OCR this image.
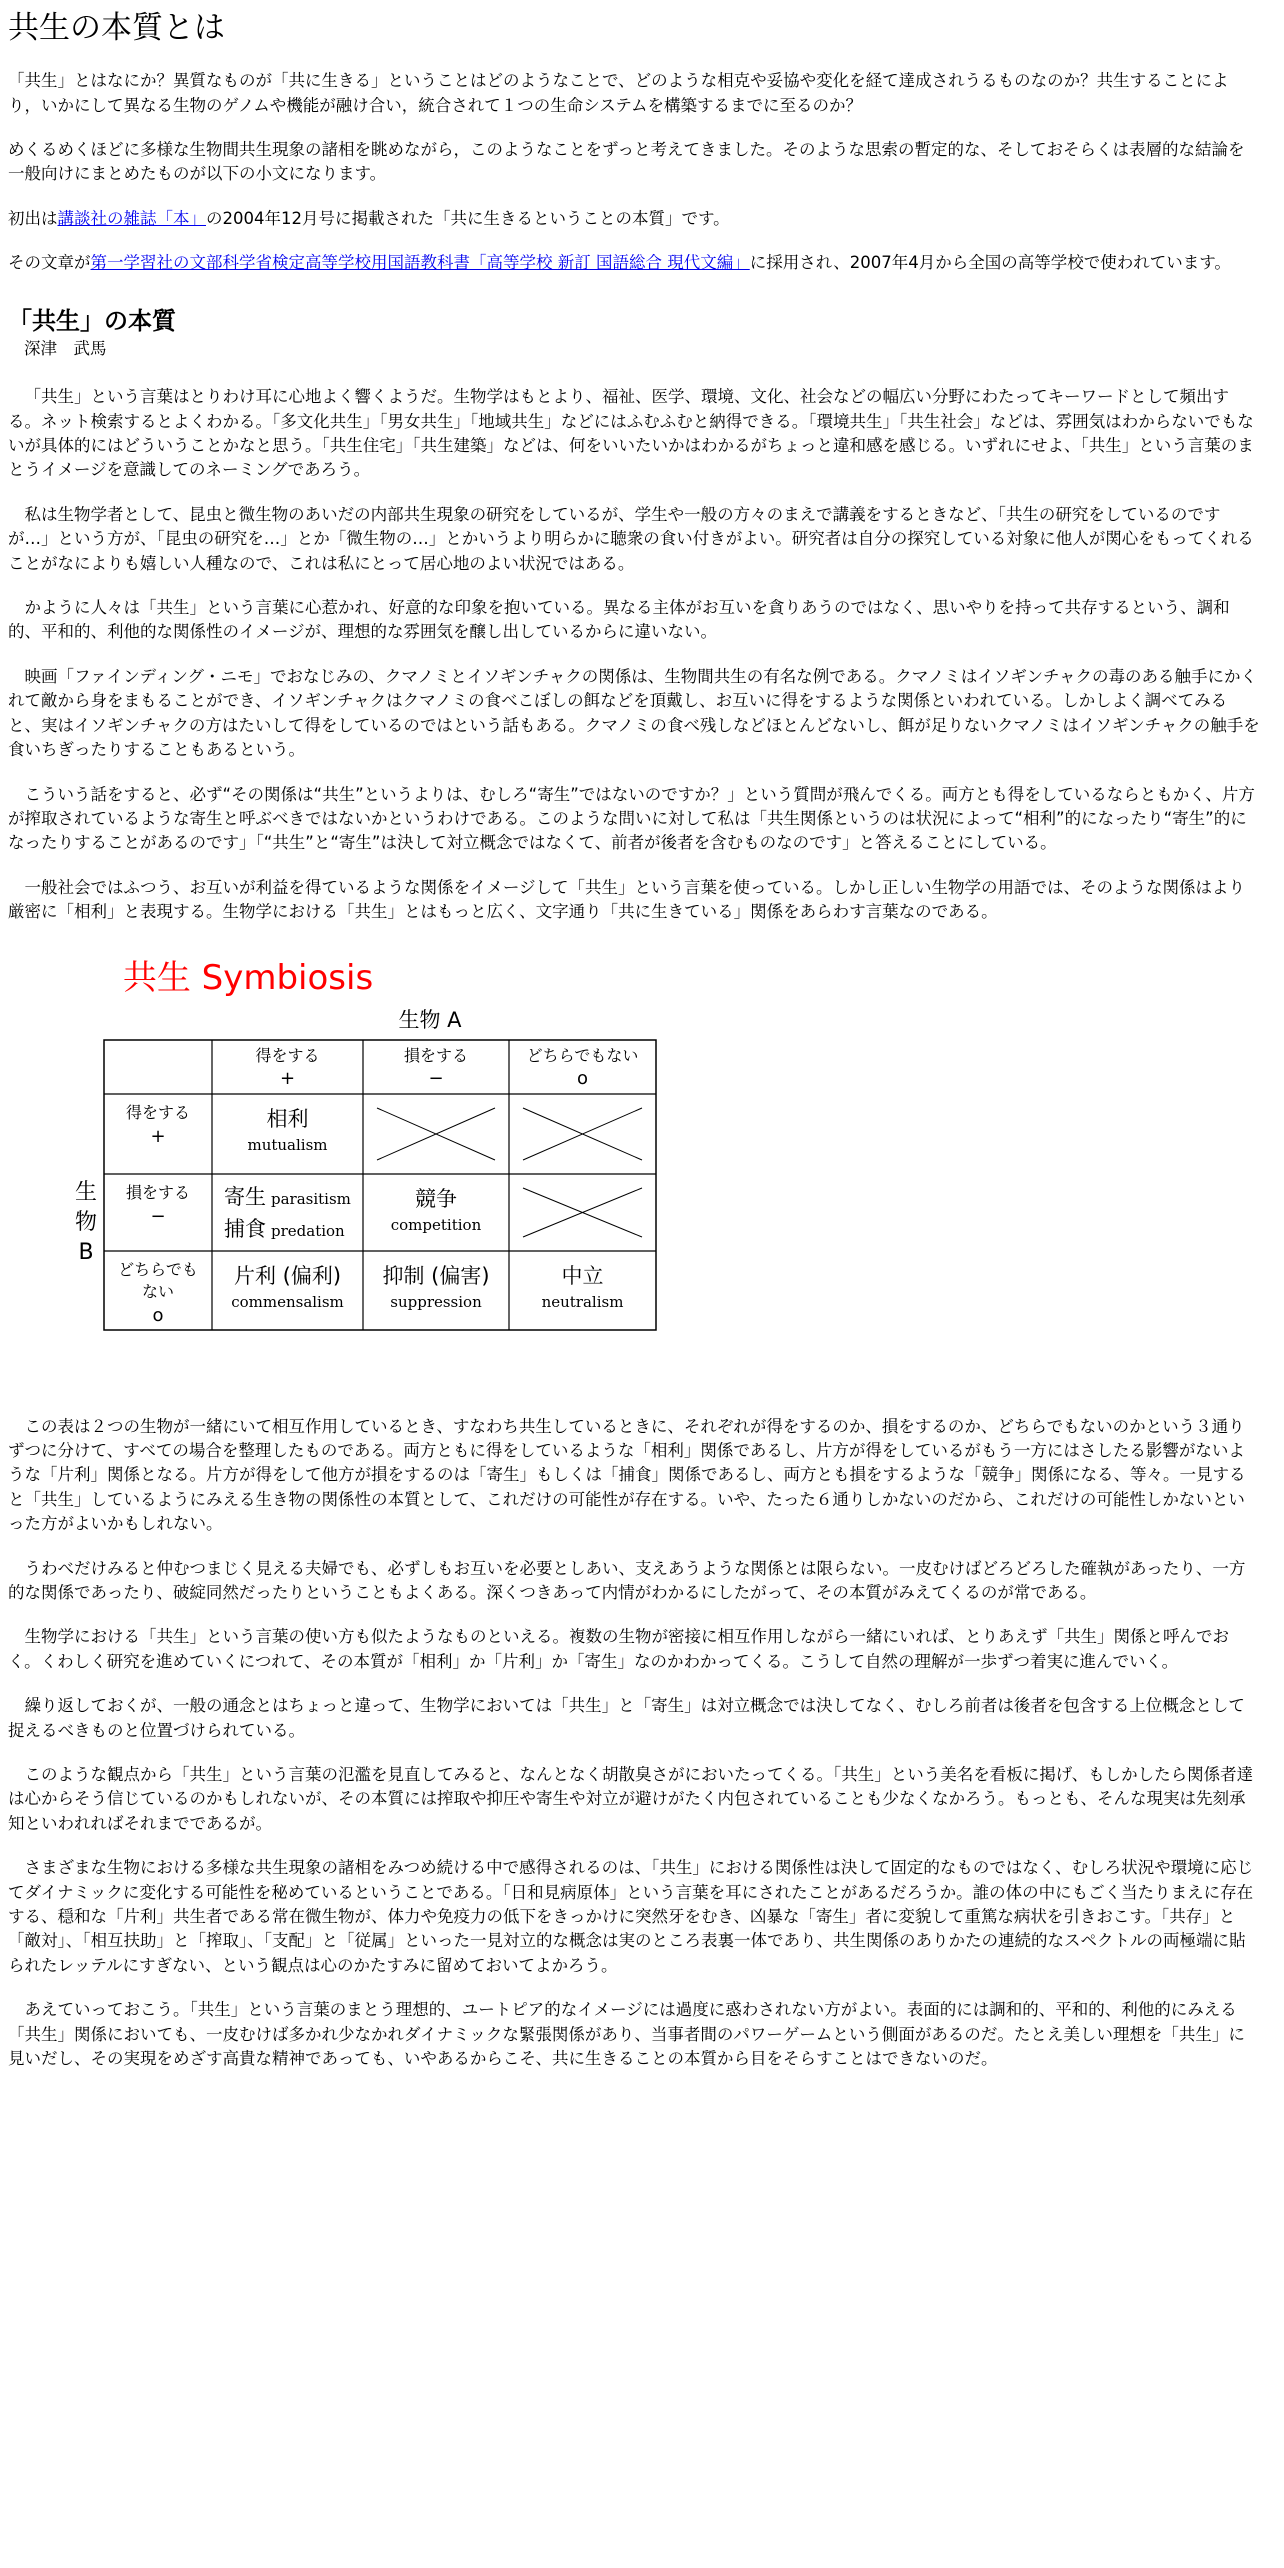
共生の本質とは

「共生」とはなにか？異質なものが「共に生きる」ということはどのようなことで、どのような相克や妥協や変化を経て達成されうるものなのか？共生することにより，いかにして異なる生物のゲノムや機能が融け合い，統合されて１つの生命システムを構築するまでに至るのか？

めくるめくほどに多様な生物間共生現象の諸相を眺めながら，このようなことをずっと考えてきました。そのような思索の暫定的な、そしておそらくは表層的な結論を一般向けにまとめたものが以下の小文になります。

初出は講談社の雑誌「本」の2004年12月号に掲載された「共に生きるということの本質」です。

その文章が第一学習社の文部科学省検定高等学校用国語教科書「高等学校 新訂 国語総合 現代文編」に採用され、2007年4月から全国の高等学校で使われています。

「共生」の本質
深津　武馬

「共生」という言葉はとりわけ耳に心地よく響くようだ。生物学はもとより、福祉、医学、環境、文化、社会などの幅広い分野にわたってキーワードとして頻出する。ネット検索するとよくわかる。「多文化共生」「男女共生」「地域共生」などにはふむふむと納得できる。「環境共生」「共生社会」などは、雰囲気はわからないでもないが具体的にはどういうことかなと思う。「共生住宅」「共生建築」などは、何をいいたいかはわかるがちょっと違和感を感じる。いずれにせよ、「共生」という言葉のまとうイメージを意識してのネーミングであろう。

私は生物学者として、昆虫と微生物のあいだの内部共生現象の研究をしているが、学生や一般の方々のまえで講義をするときなど、「共生の研究をしているのですが…」という方が、「昆虫の研究を…」とか「微生物の…」とかいうより明らかに聴衆の食い付きがよい。研究者は自分の探究している対象に他人が関心をもってくれることがなによりも嬉しい人種なので、これは私にとって居心地のよい状況ではある。

かように人々は「共生」という言葉に心惹かれ、好意的な印象を抱いている。異なる主体がお互いを貪りあうのではなく、思いやりを持って共存するという、調和的、平和的、利他的な関係性のイメージが、理想的な雰囲気を醸し出しているからに違いない。

映画「ファインディング・ニモ」でおなじみの、クマノミとイソギンチャクの関係は、生物間共生の有名な例である。クマノミはイソギンチャクの毒のある触手にかくれて敵から身をまもることができ、イソギンチャクはクマノミの食べこぼしの餌などを頂戴し、お互いに得をするような関係といわれている。しかしよく調べてみると、実はイソギンチャクの方はたいして得をしているのではという話もある。クマノミの食べ残しなどほとんどないし、餌が足りないクマノミはイソギンチャクの触手を食いちぎったりすることもあるという。

こういう話をすると、必ず“その関係は“共生”というよりは、むしろ“寄生”ではないのですか？」という質問が飛んでくる。両方とも得をしているならともかく、片方が搾取されているような寄生と呼ぶべきではないかというわけである。このような問いに対して私は「共生関係というのは状況によって“相利”的になったり“寄生”的になったりすることがあるのです」「“共生”と“寄生”は決して対立概念ではなくて、前者が後者を含むものなのです」と答えることにしている。

一般社会ではふつう、お互いが利益を得ているような関係をイメージして「共生」という言葉を使っている。しかし正しい生物学の用語では、そのような関係はより厳密に「相利」と表現する。生物学における「共生」とはもっと広く、文字通り「共に生きている」関係をあらわす言葉なのである。

共生 Symbiosis
生物 A
生
物
B
得をする
+
損をする
−
どちらでもない
o
得をする
+
損をする
−
どちらでも
ない
o
相利
mutualism
寄生 parasitism
捕食 predation
競争
competition
片利 (偏利)
commensalism
抑制 (偏害)
suppression
中立
neutralism

この表は２つの生物が一緒にいて相互作用しているとき、すなわち共生しているときに、それぞれが得をするのか、損をするのか、どちらでもないのかという３通りずつに分けて、すべての場合を整理したものである。両方ともに得をしているような「相利」関係であるし、片方が得をしているがもう一方にはさしたる影響がないような「片利」関係となる。片方が得をして他方が損をするのは「寄生」もしくは「捕食」関係であるし、両方とも損をするような「競争」関係になる、等々。一見すると「共生」しているようにみえる生き物の関係性の本質として、これだけの可能性が存在する。いや、たった６通りしかないのだから、これだけの可能性しかないといった方がよいかもしれない。

うわべだけみると仲むつまじく見える夫婦でも、必ずしもお互いを必要としあい、支えあうような関係とは限らない。一皮むけばどろどろした確執があったり、一方的な関係であったり、破綻同然だったりということもよくある。深くつきあって内情がわかるにしたがって、その本質がみえてくるのが常である。

生物学における「共生」という言葉の使い方も似たようなものといえる。複数の生物が密接に相互作用しながら一緒にいれば、とりあえず「共生」関係と呼んでおく。くわしく研究を進めていくにつれて、その本質が「相利」か「片利」か「寄生」なのかわかってくる。こうして自然の理解が一歩ずつ着実に進んでいく。

繰り返しておくが、一般の通念とはちょっと違って、生物学においては「共生」と「寄生」は対立概念では決してなく、むしろ前者は後者を包含する上位概念として捉えるべきものと位置づけられている。

このような観点から「共生」という言葉の氾濫を見直してみると、なんとなく胡散臭さがにおいたってくる。「共生」という美名を看板に掲げ、もしかしたら関係者達は心からそう信じているのかもしれないが、その本質には搾取や抑圧や寄生や対立が避けがたく内包されていることも少なくなかろう。もっとも、そんな現実は先刻承知といわれればそれまでであるが。

さまざまな生物における多様な共生現象の諸相をみつめ続ける中で感得されるのは、「共生」における関係性は決して固定的なものではなく、むしろ状況や環境に応じてダイナミックに変化する可能性を秘めているということである。「日和見病原体」という言葉を耳にされたことがあるだろうか。誰の体の中にもごく当たりまえに存在する、穏和な「片利」共生者である常在微生物が、体力や免疫力の低下をきっかけに突然牙をむき、凶暴な「寄生」者に変貌して重篤な病状を引きおこす。「共存」と「敵対」、「相互扶助」と「搾取」、「支配」と「従属」といった一見対立的な概念は実のところ表裏一体であり、共生関係のありかたの連続的なスペクトルの両極端に貼られたレッテルにすぎない、という観点は心のかたすみに留めておいてよかろう。

あえていっておこう。「共生」という言葉のまとう理想的、ユートピア的なイメージには過度に惑わされない方がよい。表面的には調和的、平和的、利他的にみえる「共生」関係においても、一皮むけば多かれ少なかれダイナミックな緊張関係があり、当事者間のパワーゲームという側面があるのだ。たとえ美しい理想を「共生」に見いだし、その実現をめざす高貴な精神であっても、いやあるからこそ、共に生きることの本質から目をそらすことはできないのだ。
